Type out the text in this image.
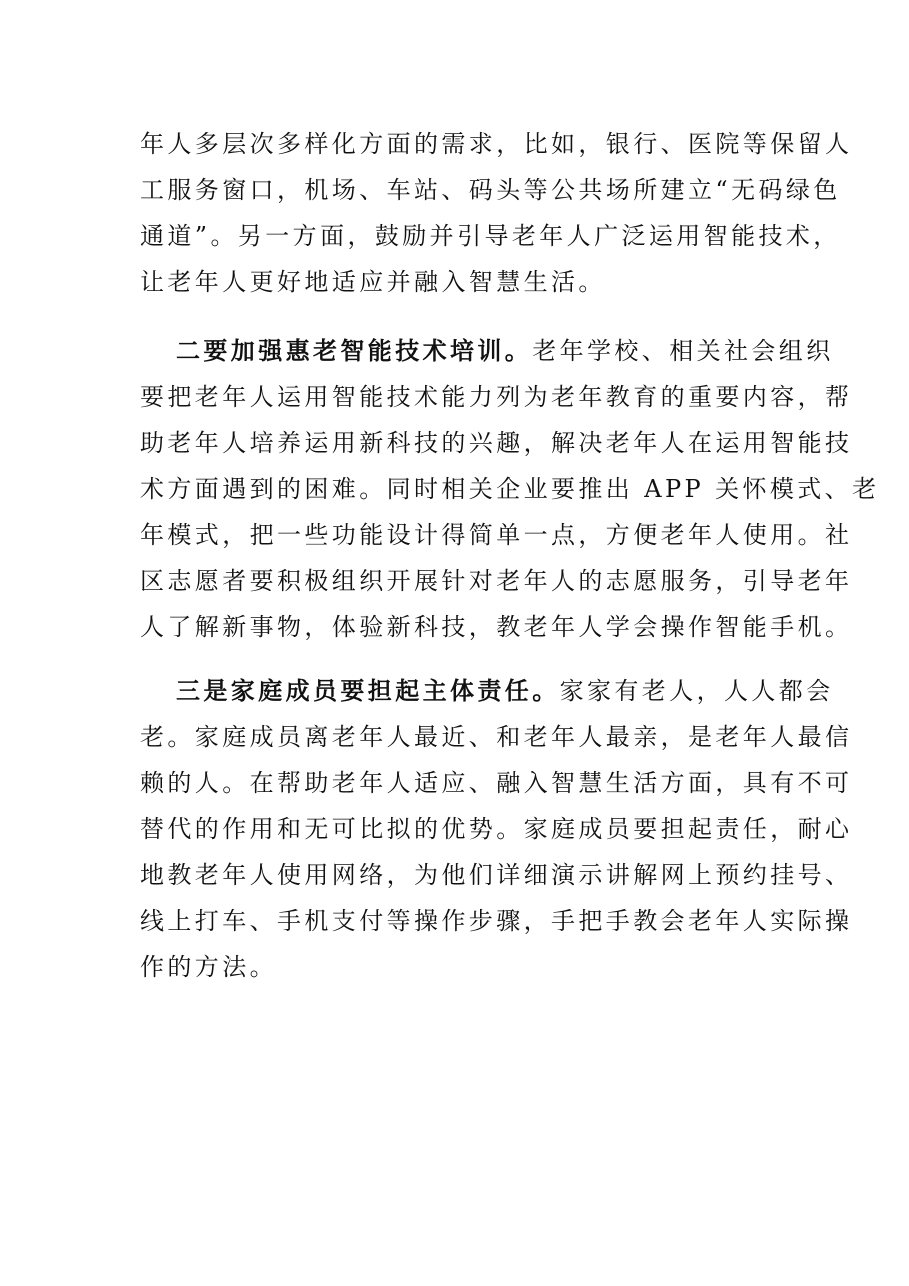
年人多层次多样化方面的需求，比如，银行、医院等保留人
工服务窗口，机场、车站、码头等公共场所建立“无码绿色
通道”。另一方面，鼓励并引导老年人广泛运用智能技术，
让老年人更好地适应并融入智慧生活。
二要加强惠老智能技术培训。老年学校、相关社会组织
要把老年人运用智能技术能力列为老年教育的重要内容，帮
助老年人培养运用新科技的兴趣，解决老年人在运用智能技
术方面遇到的困难。同时相关企业要推出 APP 关怀模式、老
年模式，把一些功能设计得简单一点，方便老年人使用。社
区志愿者要积极组织开展针对老年人的志愿服务，引导老年
人了解新事物，体验新科技，教老年人学会操作智能手机。
三是家庭成员要担起主体责任。家家有老人，人人都会
老。家庭成员离老年人最近、和老年人最亲，是老年人最信
赖的人。在帮助老年人适应、融入智慧生活方面，具有不可
替代的作用和无可比拟的优势。家庭成员要担起责任，耐心
地教老年人使用网络，为他们详细演示讲解网上预约挂号、
线上打车、手机支付等操作步骤，手把手教会老年人实际操
作的方法。
